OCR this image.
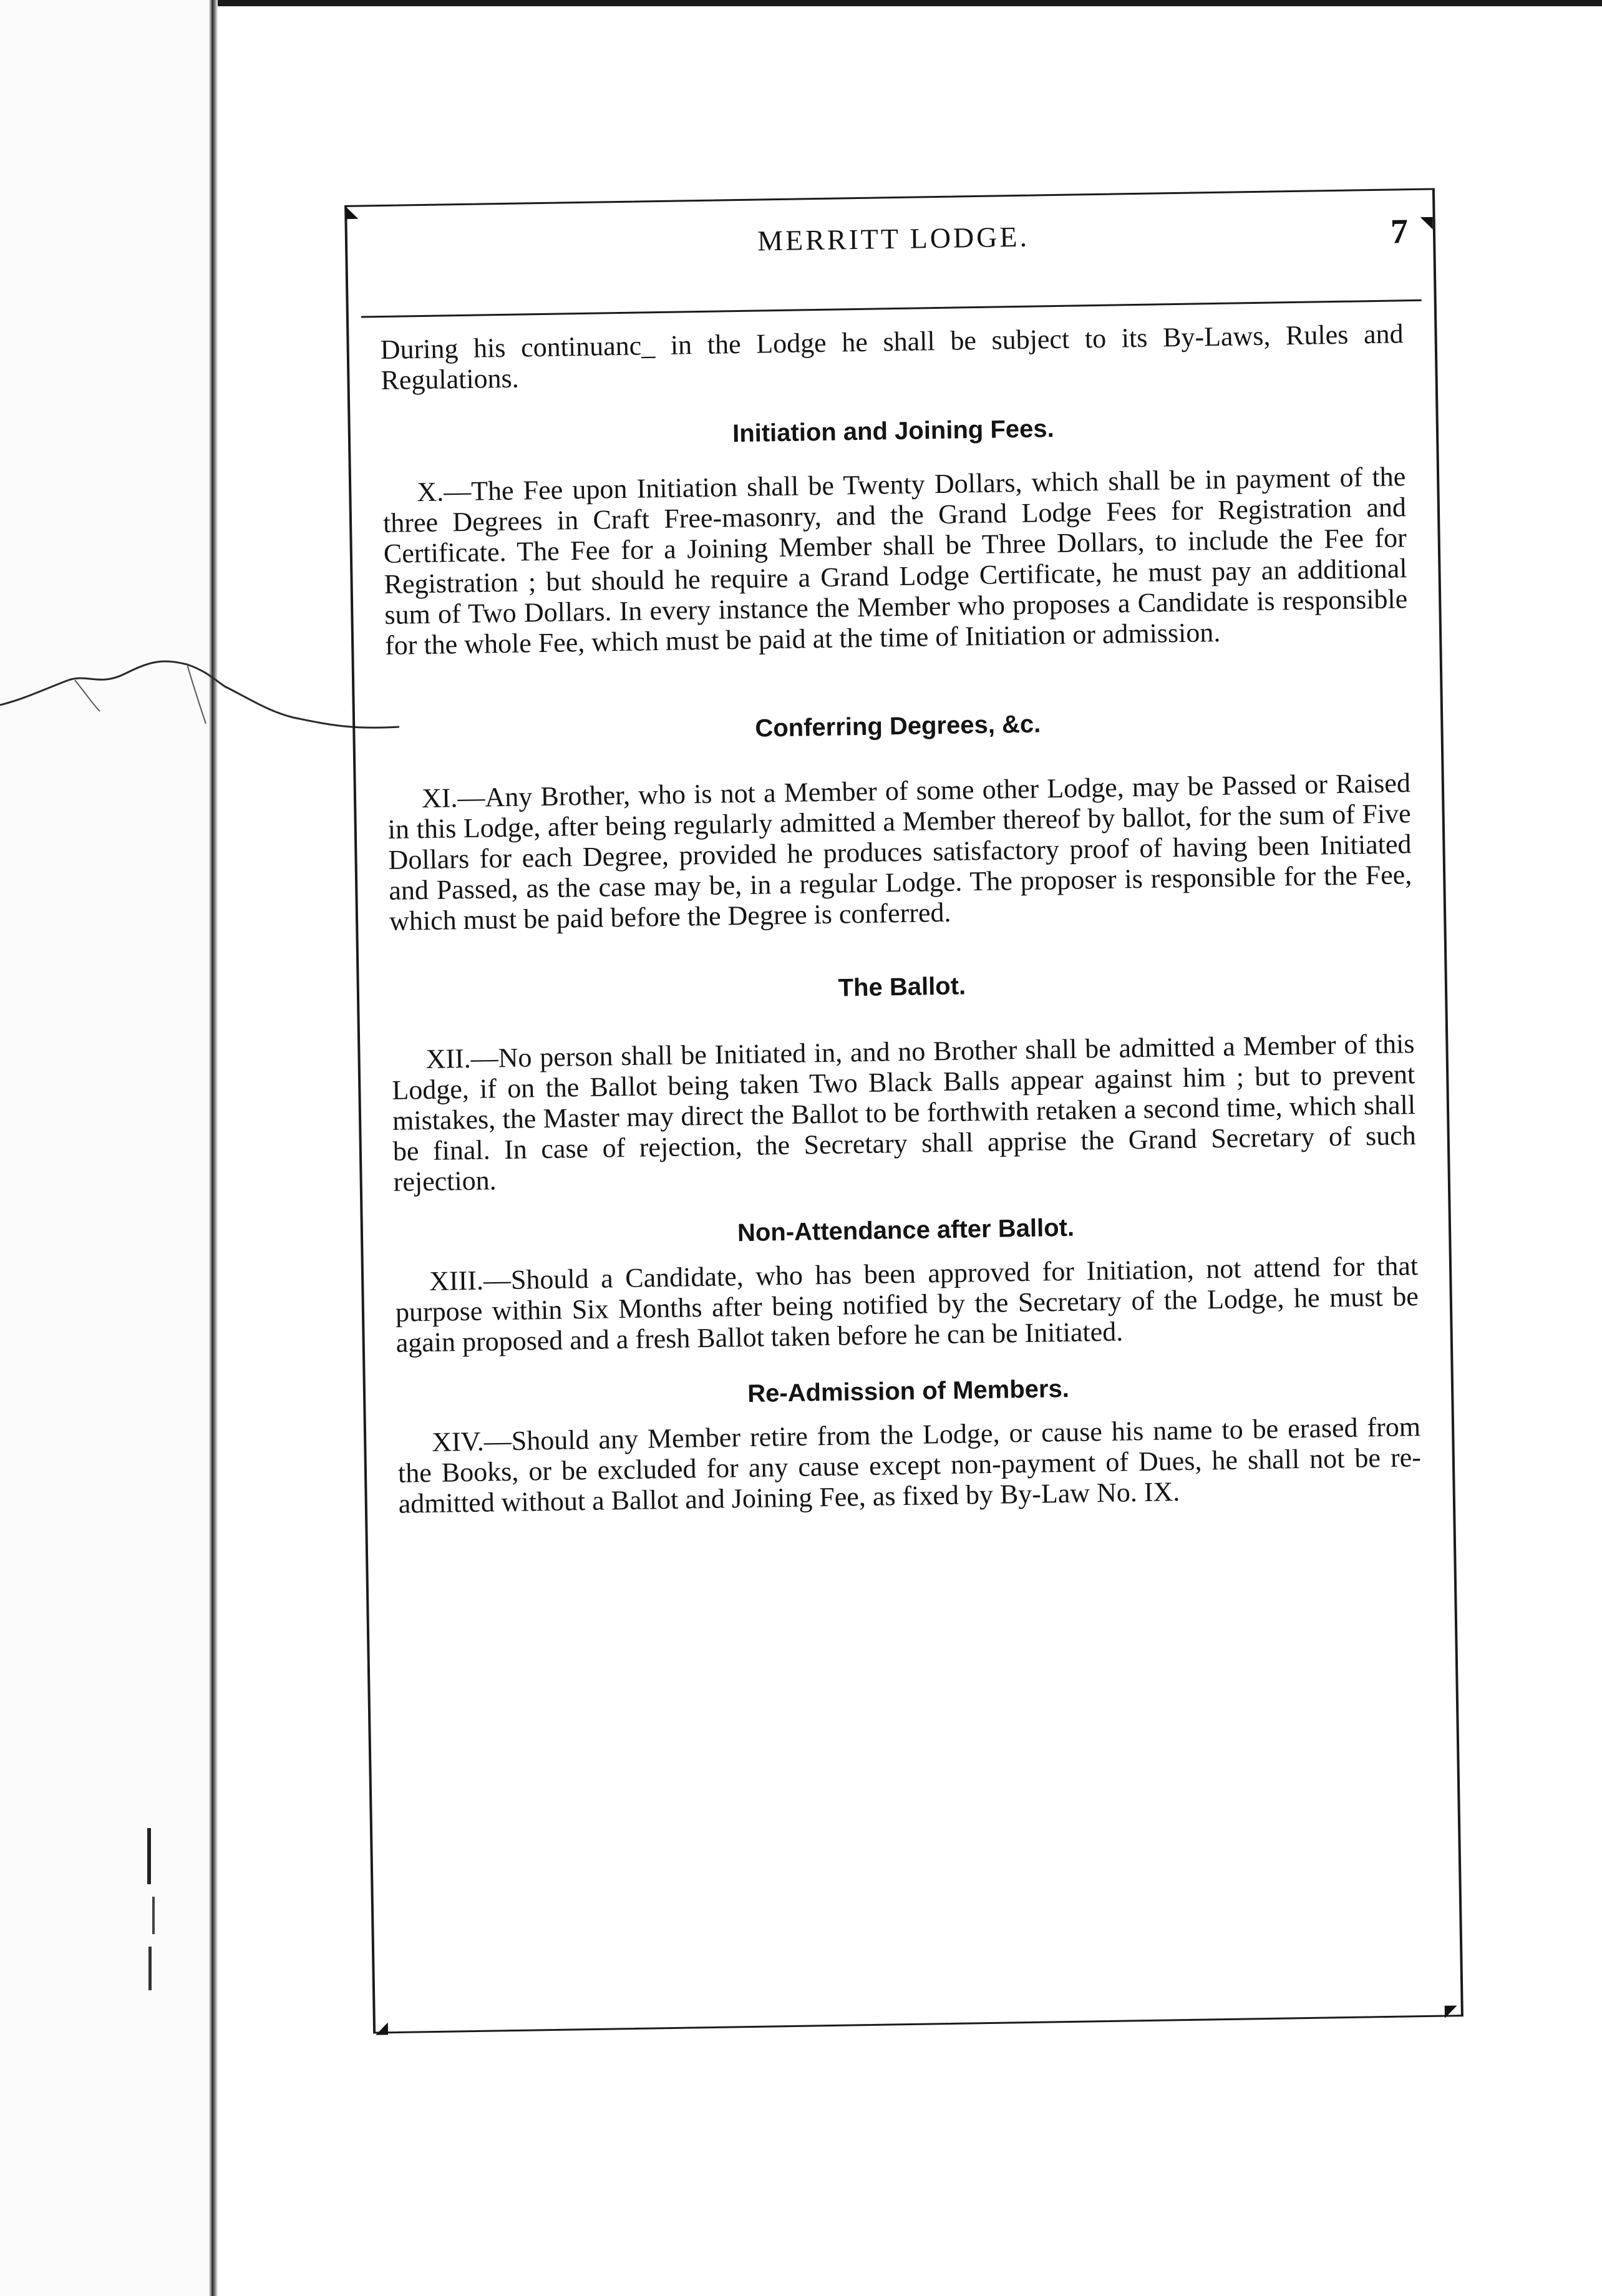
◣
◥
◢
◤
MERRITT LODGE.	7

During his continuanc_ in the Lodge he shall be subject to its By-Laws, Rules and Regulations.

Initiation and Joining Fees.

X.—The Fee upon Initiation shall be Twenty Dollars, which shall be in payment of the three Degrees in Craft Free-masonry, and the Grand Lodge Fees for Registration and Certificate. The Fee for a Joining Member shall be Three Dollars, to include the Fee for Registration ; but should he require a Grand Lodge Certificate, he must pay an additional sum of Two Dollars. In every instance the Member who proposes a Candidate is responsible for the whole Fee, which must be paid at the time of Initiation or admission.

Conferring Degrees, &c.

XI.—Any Brother, who is not a Member of some other Lodge, may be Passed or Raised in this Lodge, after being regularly admitted a Member thereof by ballot, for the sum of Five Dollars for each Degree, provided he produces satisfactory proof of having been Initiated and Passed, as the case may be, in a regular Lodge. The proposer is responsible for the Fee, which must be paid before the Degree is conferred.

The Ballot.

XII.—No person shall be Initiated in, and no Brother shall be admitted a Member of this Lodge, if on the Ballot being taken Two Black Balls appear against him ; but to prevent mistakes, the Master may direct the Ballot to be forthwith retaken a second time, which shall be final. In case of rejection, the Secretary shall apprise the Grand Secretary of such rejection.

Non-Attendance after Ballot.

XIII.—Should a Candidate, who has been approved for Initiation, not attend for that purpose within Six Months after being notified by the Secretary of the Lodge, he must be again proposed and a fresh Ballot taken before he can be Initiated.

Re-Admission of Members.

XIV.—Should any Member retire from the Lodge, or cause his name to be erased from the Books, or be excluded for any cause except non-payment of Dues, he shall not be re-admitted without a Ballot and Joining Fee, as fixed by By-Law No. IX.
